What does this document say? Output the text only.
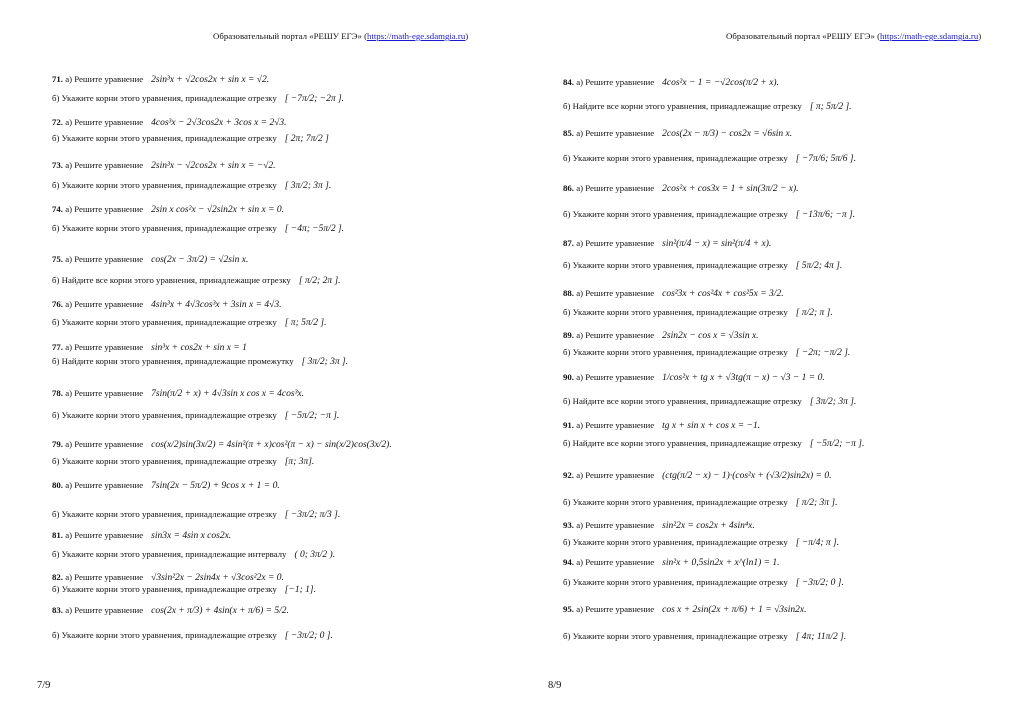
Образовательный портал «РЕШУ ЕГЭ» (https://math-ege.sdamgia.ru)	Образовательный портал «РЕШУ ЕГЭ» (https://math-ege.sdamgia.ru)
71. а) Решите уравнение 2sin³x + √2cos2x + sin x = √2.
б) Укажите корни этого уравнения, принадлежащие отрезку [ −7π/2; −2π ].
72. а) Решите уравнение 4cos³x − 2√3cos2x + 3cos x = 2√3.
б) Укажите корни этого уравнения, принадлежащие отрезку [ 2π; 7π/2 ]
73. а) Решите уравнение 2sin³x − √2cos2x + sin x = −√2.
б) Укажите корни этого уравнения, принадлежащие отрезку [ 3π/2; 3π ].
74. а) Решите уравнение 2sin x cos²x − √2sin2x + sin x = 0.
б) Укажите корни этого уравнения, принадлежащие отрезку [ −4π; −5π/2 ].
75. а) Решите уравнение cos(2x − 3π/2) = √2sin x.
б) Найдите все корни этого уравнения, принадлежащие отрезку [ π/2; 2π ].
76. а) Решите уравнение 4sin³x + 4√3cos³x + 3sin x = 4√3.
б) Укажите корни этого уравнения, принадлежащие отрезку [ π; 5π/2 ].
77. а) Решите уравнение sin³x + cos2x + sin x = 1
б) Найдите корни этого уравнения, принадлежащие промежутку [ 3π/2; 3π ].
78. а) Решите уравнение 7sin(π/2 + x) + 4√3sin x cos x = 4cos³x.
б) Укажите корни этого уравнения, принадлежащие отрезку [ −5π/2; −π ].
79. а) Решите уравнение cos(x/2)sin(3x/2) = 4sin²(π + x)cos²(π − x) − sin(x/2)cos(3x/2).
б) Укажите корни этого уравнения, принадлежащие отрезку [π; 3π].
80. а) Решите уравнение 7sin(2x − 5π/2) + 9cos x + 1 = 0.
б) Укажите корни этого уравнения, принадлежащие отрезку [ −3π/2; π/3 ].
81. а) Решите уравнение sin3x = 4sin x cos2x.
б) Укажите корни этого уравнения, принадлежащие интервалу ( 0; 3π/2 ).
82. а) Решите уравнение √3sin²2x − 2sin4x + √3cos²2x = 0.
б) Укажите корни этого уравнения, принадлежащие отрезку [−1; 1].
83. а) Решите уравнение cos(2x + π/3) + 4sin(x + π/6) = 5/2.
б) Укажите корни этого уравнения, принадлежащие отрезку [ −3π/2; 0 ].
84. а) Решите уравнение 4cos²x − 1 = −√2cos(π/2 + x).
б) Найдите все корни этого уравнения, принадлежащие отрезку [ π; 5π/2 ].
85. а) Решите уравнение 2cos(2x − π/3) − cos2x = √6sin x.
б) Укажите корни этого уравнения, принадлежащие отрезку [ −7π/6; 5π/6 ].
86. а) Решите уравнение 2cos²x + cos3x = 1 + sin(3π/2 − x).
б) Укажите корни этого уравнения, принадлежащие отрезку [ −13π/6; −π ].
87. а) Решите уравнение sin²(π/4 − x) = sin²(π/4 + x).
б) Укажите корни этого уравнения, принадлежащие отрезку [ 5π/2; 4π ].
88. а) Решите уравнение cos²3x + cos²4x + cos²5x = 3/2.
б) Укажите корни этого уравнения, принадлежащие отрезку [ π/2; π ].
89. а) Решите уравнение 2sin2x − cos x = √3sin x.
б) Укажите корни этого уравнения, принадлежащие отрезку [ −2π; −π/2 ].
90. а) Решите уравнение 1/cos²x + tg x + √3tg(π − x) − √3 − 1 = 0.
б) Найдите все корни этого уравнения, принадлежащие отрезку [ 3π/2; 3π ].
91. а) Решите уравнение tg x + sin x + cos x = −1.
б) Найдите все корни этого уравнения, принадлежащие отрезку [ −5π/2; −π ].
92. а) Решите уравнение (ctg(π/2 − x) − 1)·(cos²x + (√3/2)sin2x) = 0.
б) Укажите корни этого уравнения, принадлежащие отрезку [ π/2; 3π ].
93. а) Решите уравнение sin²2x = cos2x + 4sin⁴x.
б) Укажите корни этого уравнения, принадлежащие отрезку [ −π/4; π ].
94. а) Решите уравнение sin²x + 0,5sin2x + x^(ln1) = 1.
б) Укажите корни этого уравнения, принадлежащие отрезку [ −3π/2; 0 ].
95. а) Решите уравнение cos x + 2sin(2x + π/6) + 1 = √3sin2x.
б) Укажите корни этого уравнения, принадлежащие отрезку [ 4π; 11π/2 ].
7/9	8/9
